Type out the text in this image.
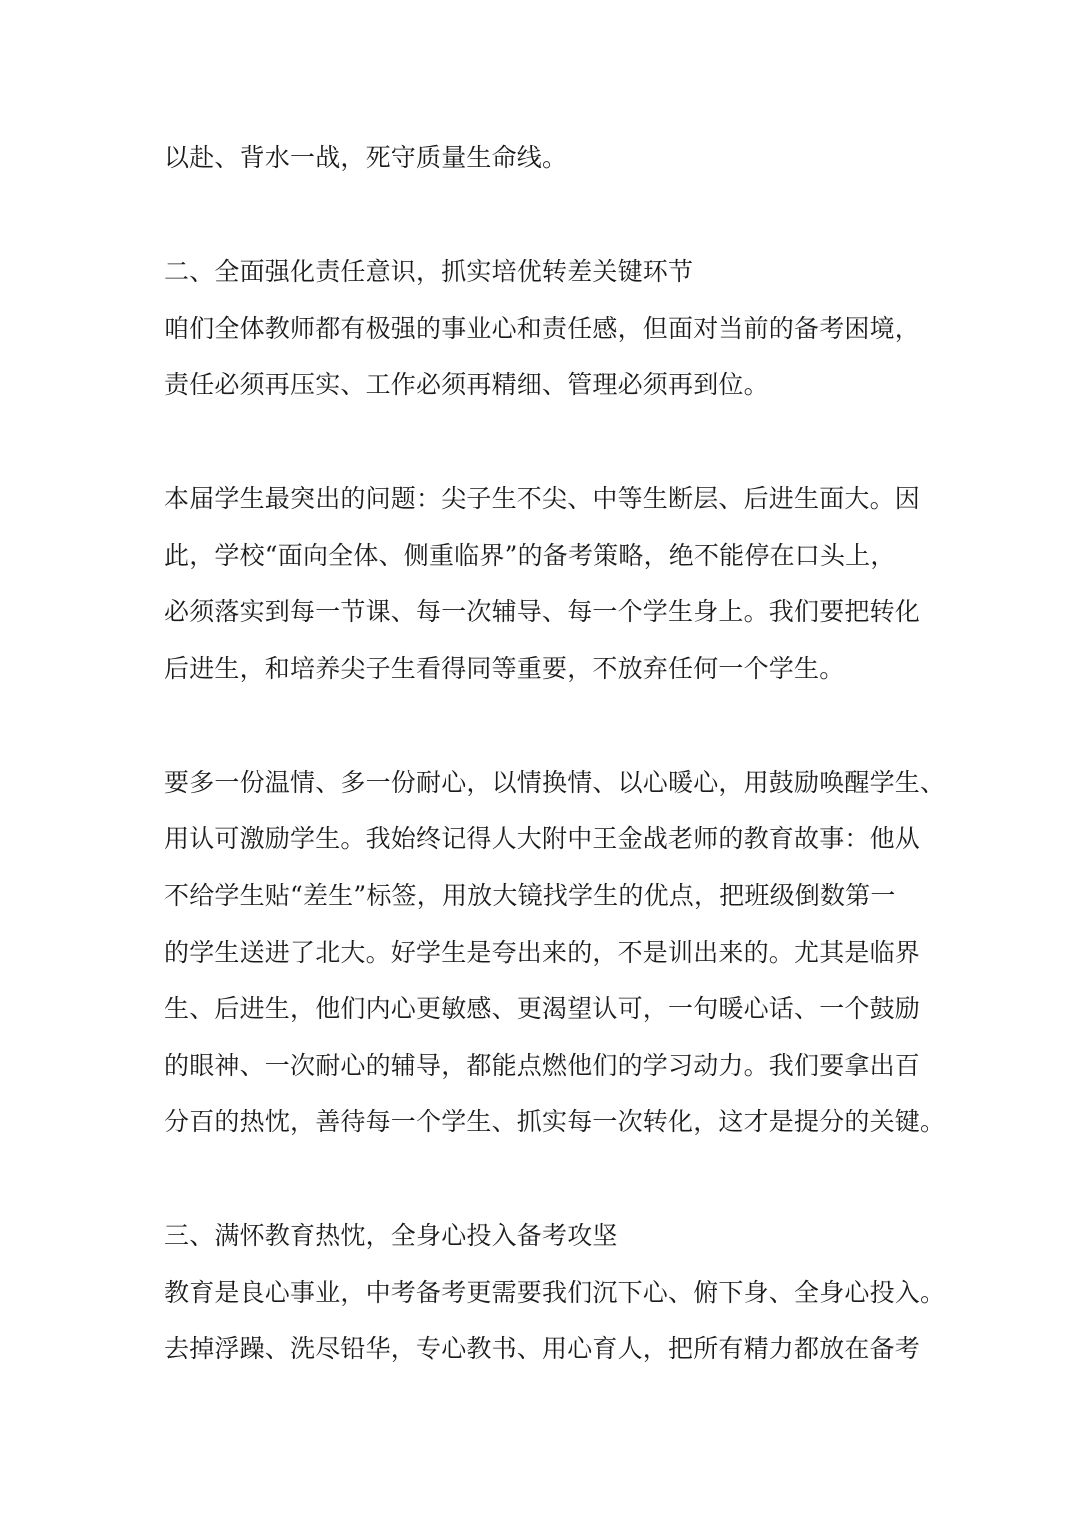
以赴、背水一战，死守质量生命线。
二、全面强化责任意识，抓实培优转差关键环节
咱们全体教师都有极强的事业心和责任感，但面对当前的备考困境，
责任必须再压实、工作必须再精细、管理必须再到位。
本届学生最突出的问题：尖子生不尖、中等生断层、后进生面大。因
此，学校“面向全体、侧重临界”的备考策略，绝不能停在口头上，
必须落实到每一节课、每一次辅导、每一个学生身上。我们要把转化
后进生，和培养尖子生看得同等重要，不放弃任何一个学生。
要多一份温情、多一份耐心，以情换情、以心暖心，用鼓励唤醒学生、
用认可激励学生。我始终记得人大附中王金战老师的教育故事：他从
不给学生贴“差生”标签，用放大镜找学生的优点，把班级倒数第一
的学生送进了北大。好学生是夸出来的，不是训出来的。尤其是临界
生、后进生，他们内心更敏感、更渴望认可，一句暖心话、一个鼓励
的眼神、一次耐心的辅导，都能点燃他们的学习动力。我们要拿出百
分百的热忱，善待每一个学生、抓实每一次转化，这才是提分的关键。
三、满怀教育热忱，全身心投入备考攻坚
教育是良心事业，中考备考更需要我们沉下心、俯下身、全身心投入。
去掉浮躁、洗尽铅华，专心教书、用心育人，把所有精力都放在备考
